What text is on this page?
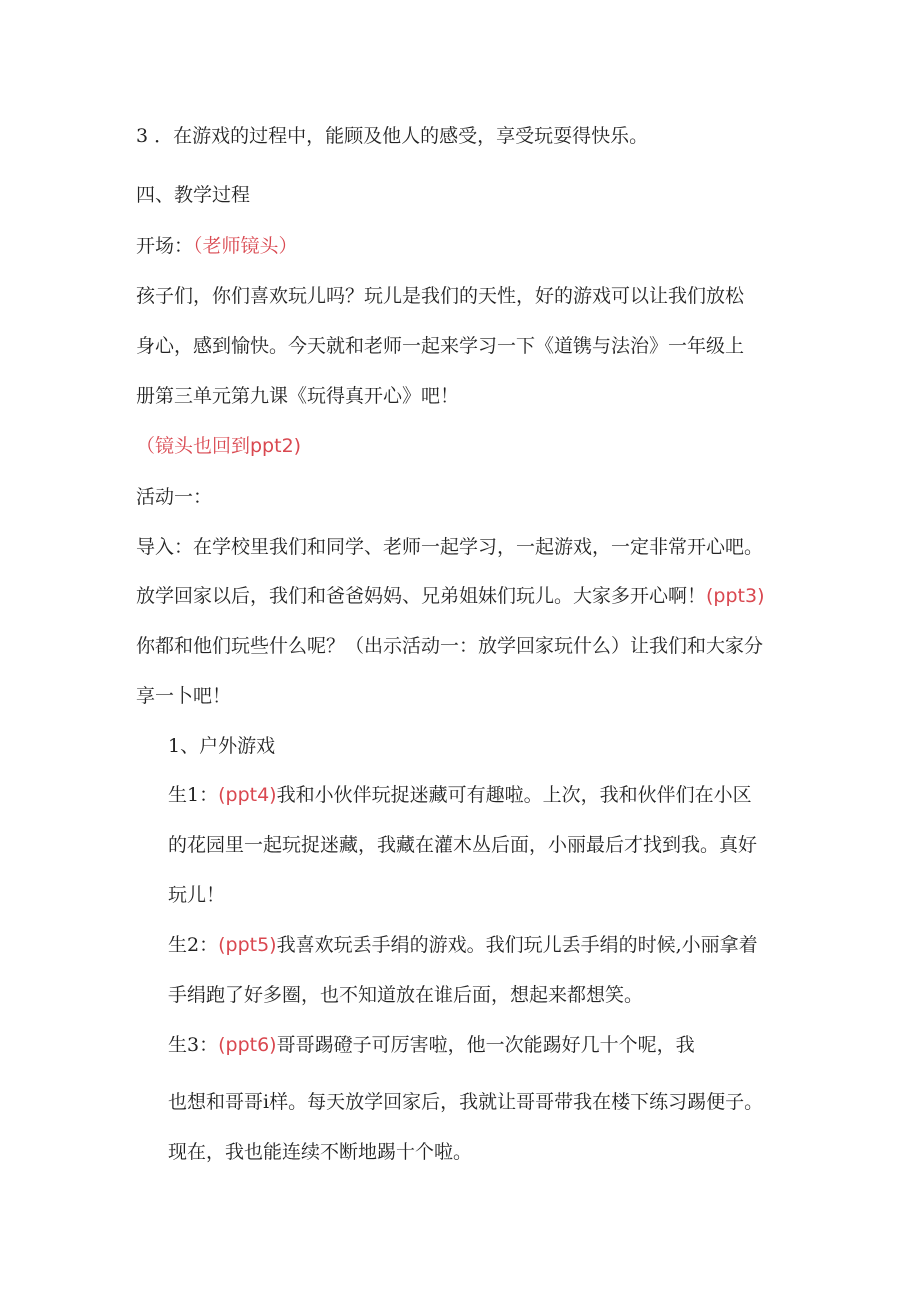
3 ．在游戏的过程中，能顾及他人的感受，享受玩耍得快乐。
四、教学过程
开场：（老师镜头）
孩子们，你们喜欢玩儿吗？玩儿是我们的天性，好的游戏可以让我们放松
身心，感到愉快。今天就和老师一起来学习一下《道镌与法治》一年级上
册第三单元第九课《玩得真开心》吧！
（镜头也回到ppt2)
活动一：
导入：在学校里我们和同学、老师一起学习，一起游戏，一定非常开心吧。
放学回家以后，我们和爸爸妈妈、兄弟姐妹们玩儿。大家多开心啊！(ppt3)
你都和他们玩些什么呢？（出示活动一：放学回家玩什么）让我们和大家分
享一卜吧！
1、户外游戏
生1：(ppt4)我和小伙伴玩捉迷藏可有趣啦。上次，我和伙伴们在小区
的花园里一起玩捉迷藏，我藏在灌木丛后面，小丽最后才找到我。真好
玩儿！
生2：(ppt5)我喜欢玩丢手绢的游戏。我们玩儿丢手绢的时候,小丽拿着
手绢跑了好多圈，也不知道放在谁后面，想起来都想笑。
生3：(ppt6)哥哥踢磴子可厉害啦，他一次能踢好几十个呢，我
也想和哥哥i样。每天放学回家后，我就让哥哥带我在楼下练习踢便子。
现在，我也能连续不断地踢十个啦。
